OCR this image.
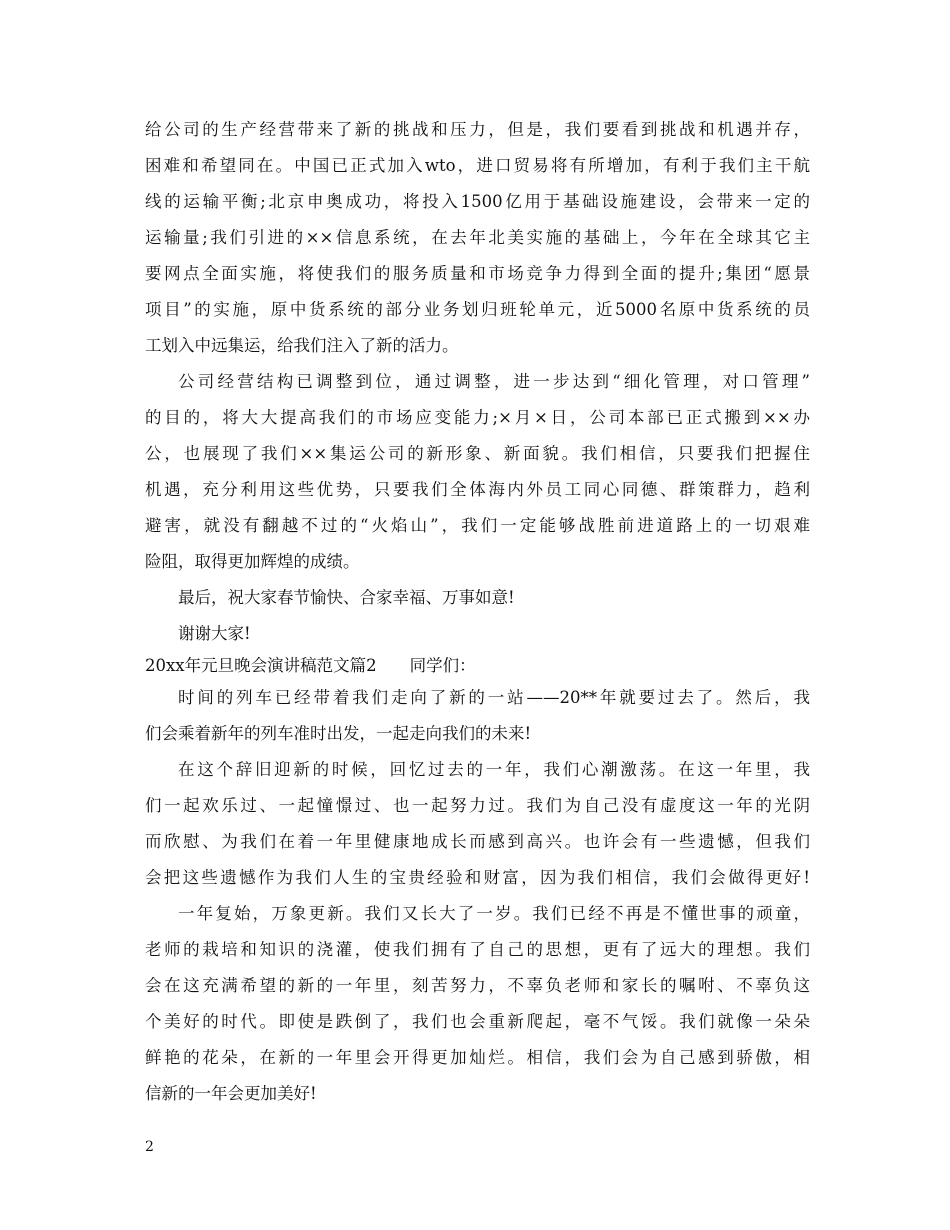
给公司的生产经营带来了新的挑战和压力，但是，我们要看到挑战和机遇并存，
困难和希望同在。中国已正式加入wto，进口贸易将有所增加，有利于我们主干航
线的运输平衡;北京申奥成功，将投入1500亿用于基础设施建设，会带来一定的
运输量;我们引进的××信息系统，在去年北美实施的基础上，今年在全球其它主
要网点全面实施，将使我们的服务质量和市场竞争力得到全面的提升;集团“愿景
项目”的实施，原中货系统的部分业务划归班轮单元，近5000名原中货系统的员
工划入中远集运，给我们注入了新的活力。
公司经营结构已调整到位，通过调整，进一步达到“细化管理，对口管理”
的目的，将大大提高我们的市场应变能力;×月×日，公司本部已正式搬到××办
公，也展现了我们××集运公司的新形象、新面貌。我们相信，只要我们把握住
机遇，充分利用这些优势，只要我们全体海内外员工同心同德、群策群力，趋利
避害，就没有翻越不过的“火焰山”，我们一定能够战胜前进道路上的一切艰难
险阻，取得更加辉煌的成绩。
最后，祝大家春节愉快、合家幸福、万事如意!
谢谢大家!
20xx年元旦晚会演讲稿范文篇2　　同学们：
时间的列车已经带着我们走向了新的一站——20**年就要过去了。然后，我
们会乘着新年的列车准时出发，一起走向我们的未来!
在这个辞旧迎新的时候，回忆过去的一年，我们心潮激荡。在这一年里，我
们一起欢乐过、一起憧憬过、也一起努力过。我们为自己没有虚度这一年的光阴
而欣慰、为我们在着一年里健康地成长而感到高兴。也许会有一些遗憾，但我们
会把这些遗憾作为我们人生的宝贵经验和财富，因为我们相信，我们会做得更好!
一年复始，万象更新。我们又长大了一岁。我们已经不再是不懂世事的顽童，
老师的栽培和知识的浇灌，使我们拥有了自己的思想，更有了远大的理想。我们
会在这充满希望的新的一年里，刻苦努力，不辜负老师和家长的嘱咐、不辜负这
个美好的时代。即使是跌倒了，我们也会重新爬起，毫不气馁。我们就像一朵朵
鲜艳的花朵，在新的一年里会开得更加灿烂。相信，我们会为自己感到骄傲，相
信新的一年会更加美好!
2
